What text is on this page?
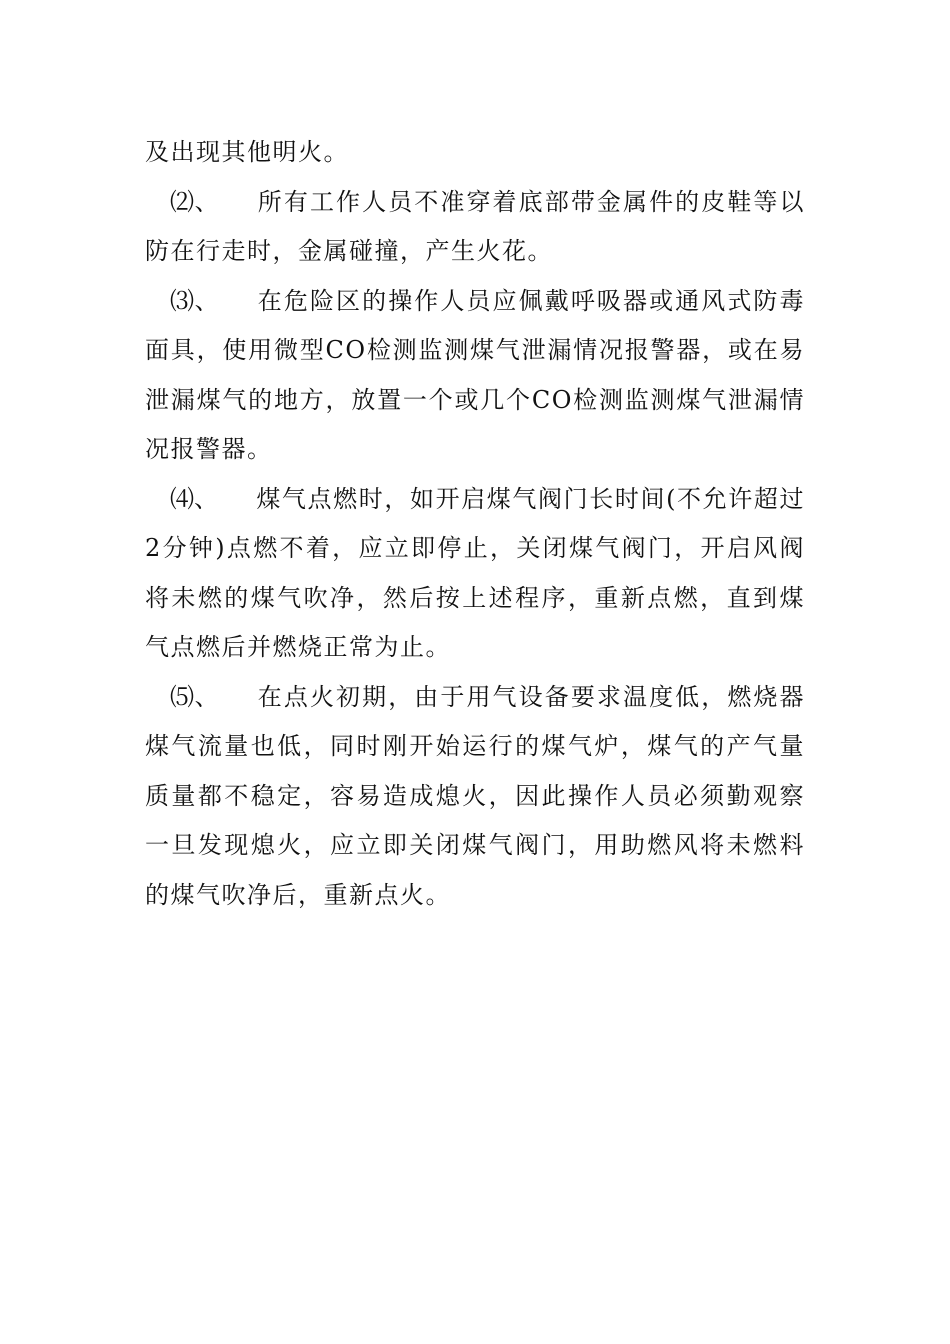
及出现其他明火。

⑵、 所有工作人员不准穿着底部带金属件的皮鞋等以防在行走时，金属碰撞，产生火花。

⑶、 在危险区的操作人员应佩戴呼吸器或通风式防毒面具，使用微型CO检测监测煤气泄漏情况报警器，或在易泄漏煤气的地方，放置一个或几个CO检测监测煤气泄漏情况报警器。

⑷、 煤气点燃时，如开启煤气阀门长时间(不允许超过2分钟)点燃不着，应立即停止，关闭煤气阀门，开启风阀将未燃的煤气吹净，然后按上述程序，重新点燃，直到煤气点燃后并燃烧正常为止。

⑸、 在点火初期，由于用气设备要求温度低，燃烧器煤气流量也低，同时刚开始运行的煤气炉，煤气的产气量质量都不稳定，容易造成熄火，因此操作人员必须勤观察一旦发现熄火，应立即关闭煤气阀门，用助燃风将未燃料的煤气吹净后，重新点火。
